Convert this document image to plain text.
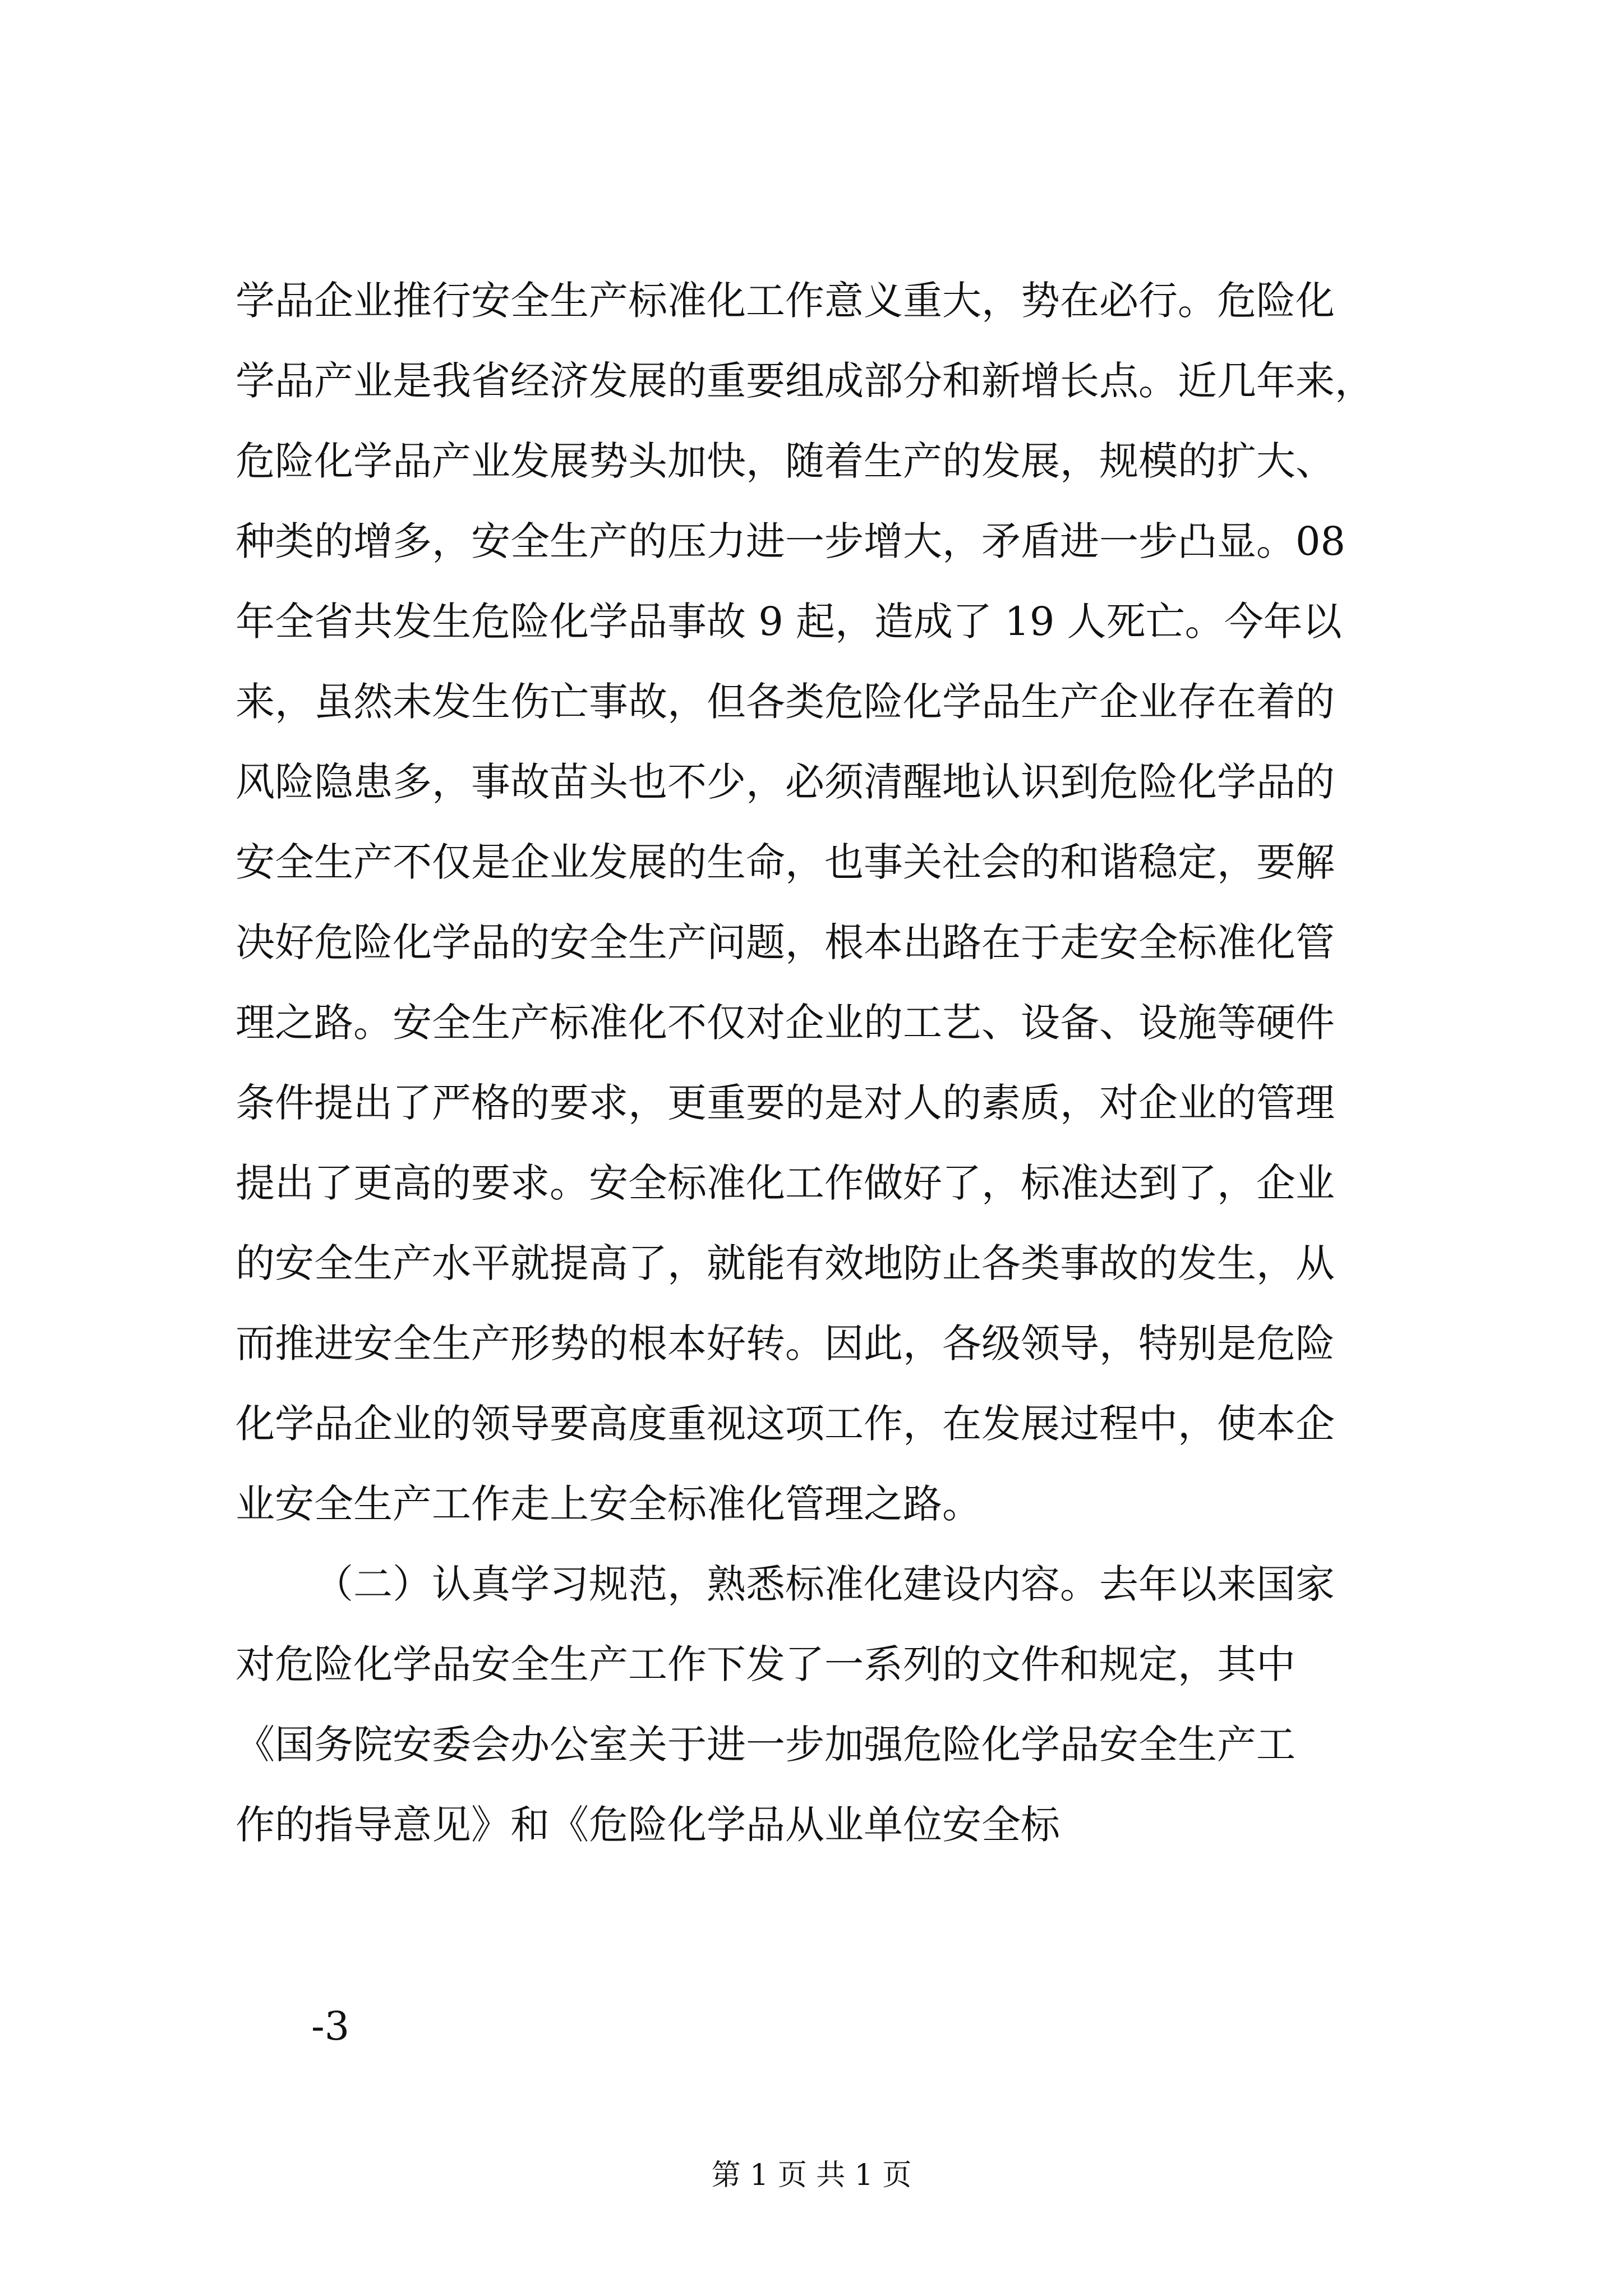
学品企业推行安全生产标准化工作意义重大，势在必行。危险化
学品产业是我省经济发展的重要组成部分和新增长点。近几年来，
危险化学品产业发展势头加快，随着生产的发展，规模的扩大、
种类的增多，安全生产的压力进一步增大，矛盾进一步凸显。08
年全省共发生危险化学品事故 9 起，造成了 19 人死亡。今年以
来，虽然未发生伤亡事故，但各类危险化学品生产企业存在着的
风险隐患多，事故苗头也不少，必须清醒地认识到危险化学品的
安全生产不仅是企业发展的生命，也事关社会的和谐稳定，要解
决好危险化学品的安全生产问题，根本出路在于走安全标准化管
理之路。安全生产标准化不仅对企业的工艺、设备、设施等硬件
条件提出了严格的要求，更重要的是对人的素质，对企业的管理
提出了更高的要求。安全标准化工作做好了，标准达到了，企业
的安全生产水平就提高了，就能有效地防止各类事故的发生，从
而推进安全生产形势的根本好转。因此，各级领导，特别是危险
化学品企业的领导要高度重视这项工作，在发展过程中，使本企
业安全生产工作走上安全标准化管理之路。
（二）认真学习规范，熟悉标准化建设内容。去年以来国家
对危险化学品安全生产工作下发了一系列的文件和规定，其中
《国务院安委会办公室关于进一步加强危险化学品安全生产工
作的指导意见》和《危险化学品从业单位安全标
-3
第 1 页 共 1 页
